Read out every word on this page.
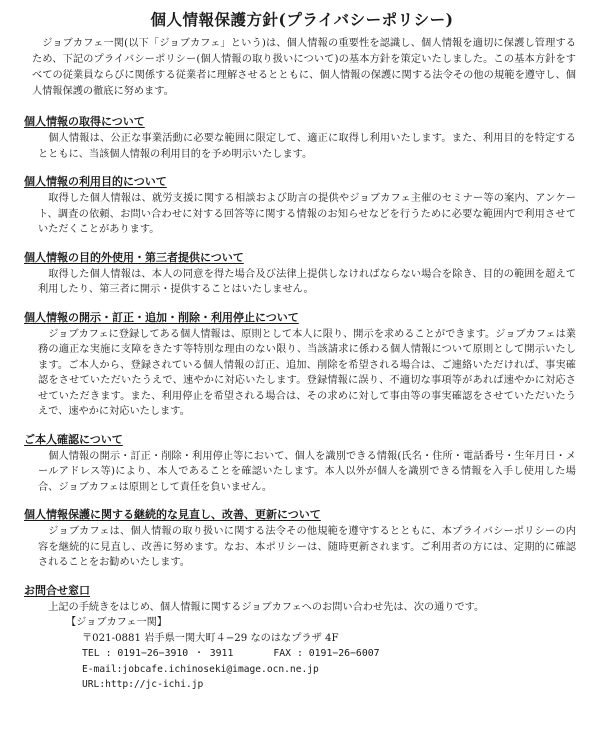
個人情報保護方針(プライバシーポリシー)
ジョブカフェ一関(以下「ジョブカフェ」という)は、個人情報の重要性を認識し、個人情報を適切に保護し管理するため、下記のプライバシーポリシー(個人情報の取り扱いについて)の基本方針を策定いたしました。この基本方針をすべての従業員ならびに関係する従業者に理解させるとともに、個人情報の保護に関する法令その他の規範を遵守し、個人情報保護の徹底に努めます。
個人情報の取得について
個人情報は、公正な事業活動に必要な範囲に限定して、適正に取得し利用いたします。また、利用目的を特定するとともに、当該個人情報の利用目的を予め明示いたします。
個人情報の利用目的について
取得した個人情報は、就労支援に関する相談および助言の提供やジョブカフェ主催のセミナー等の案内、アンケート、調査の依頼、お問い合わせに対する回答等に関する情報のお知らせなどを行うために必要な範囲内で利用させていただくことがあります。
個人情報の目的外使用・第三者提供について
取得した個人情報は、本人の同意を得た場合及び法律上提供しなければならない場合を除き、目的の範囲を超えて利用したり、第三者に開示・提供することはいたしません。
個人情報の開示・訂正・追加・削除・利用停止について
ジョブカフェに登録してある個人情報は、原則として本人に限り、開示を求めることができます。ジョブカフェは業務の適正な実施に支障をきたす等特別な理由のない限り、当該請求に係わる個人情報について原則として開示いたします。ご本人から、登録されている個人情報の訂正、追加、削除を希望される場合は、ご連絡いただければ、事実確認をさせていただいたうえで、速やかに対応いたします。登録情報に誤り、不適切な事項等があれば速やかに対応させていただきます。また、利用停止を希望される場合は、その求めに対して事由等の事実確認をさせていただいたうえで、速やかに対応いたします。
ご本人確認について
個人情報の開示・訂正・削除・利用停止等において、個人を識別できる情報(氏名・住所・電話番号・生年月日・メールアドレス等)により、本人であることを確認いたします。本人以外が個人を識別できる情報を入手し使用した場合、ジョブカフェは原則として責任を負いません。
個人情報保護に関する継続的な見直し、改善、更新について
ジョブカフェは、個人情報の取り扱いに関する法令その他規範を遵守するとともに、本プライバシーポリシーの内容を継続的に見直し、改善に努めます。なお、本ポリシーは、随時更新されます。ご利用者の方には、定期的に確認されることをお勧めいたします。
お問合せ窓口
上記の手続きをはじめ、個人情報に関するジョブカフェへのお問い合わせ先は、次の通りです。
【ジョブカフェ一関】
〒021-0881 岩手県一関大町４−29 なのはなプラザ 4F
TEL : 0191−26−3910 ・ 3911	FAX : 0191−26−6007
E-mail:jobcafe.ichinoseki@image.ocn.ne.jp
URL:http://jc-ichi.jp
